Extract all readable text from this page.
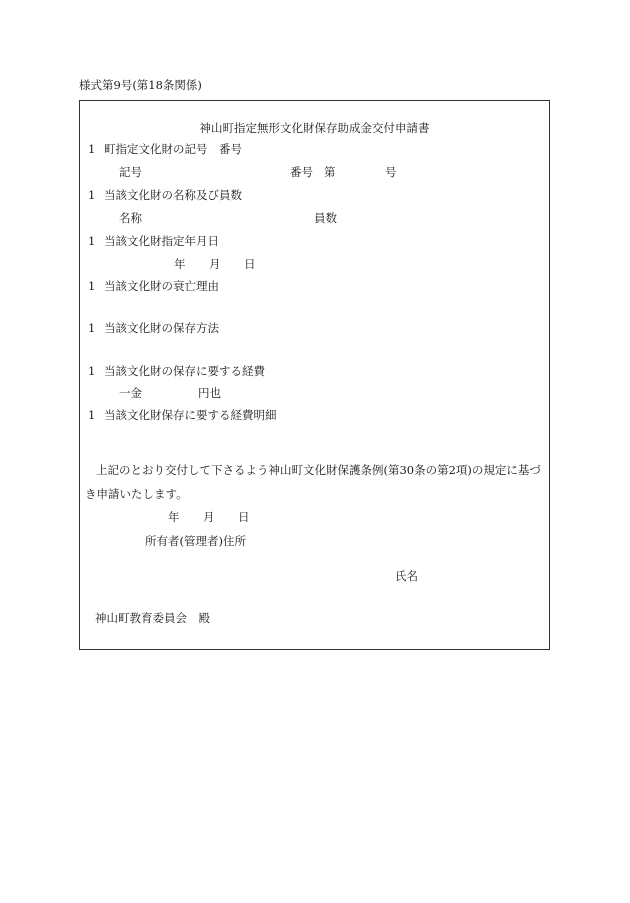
様式第9号(第18条関係)
神山町指定無形文化財保存助成金交付申請書
1 町指定文化財の記号　番号
記号	番号 第	号
1 当該文化財の名称及び員数
名称	員数
1 当該文化財指定年月日
年 月 日
1 当該文化財の衰亡理由
1 当該文化財の保存方法
1 当該文化財の保存に要する経費
一金	円也
1 当該文化財保存に要する経費明細
上記のとおり交付して下さるよう神山町文化財保護条例(第30条の第2項)の規定に基づ
き申請いたします。
年 月 日
所有者(管理者)住所
氏名
神山町教育委員会　殿
